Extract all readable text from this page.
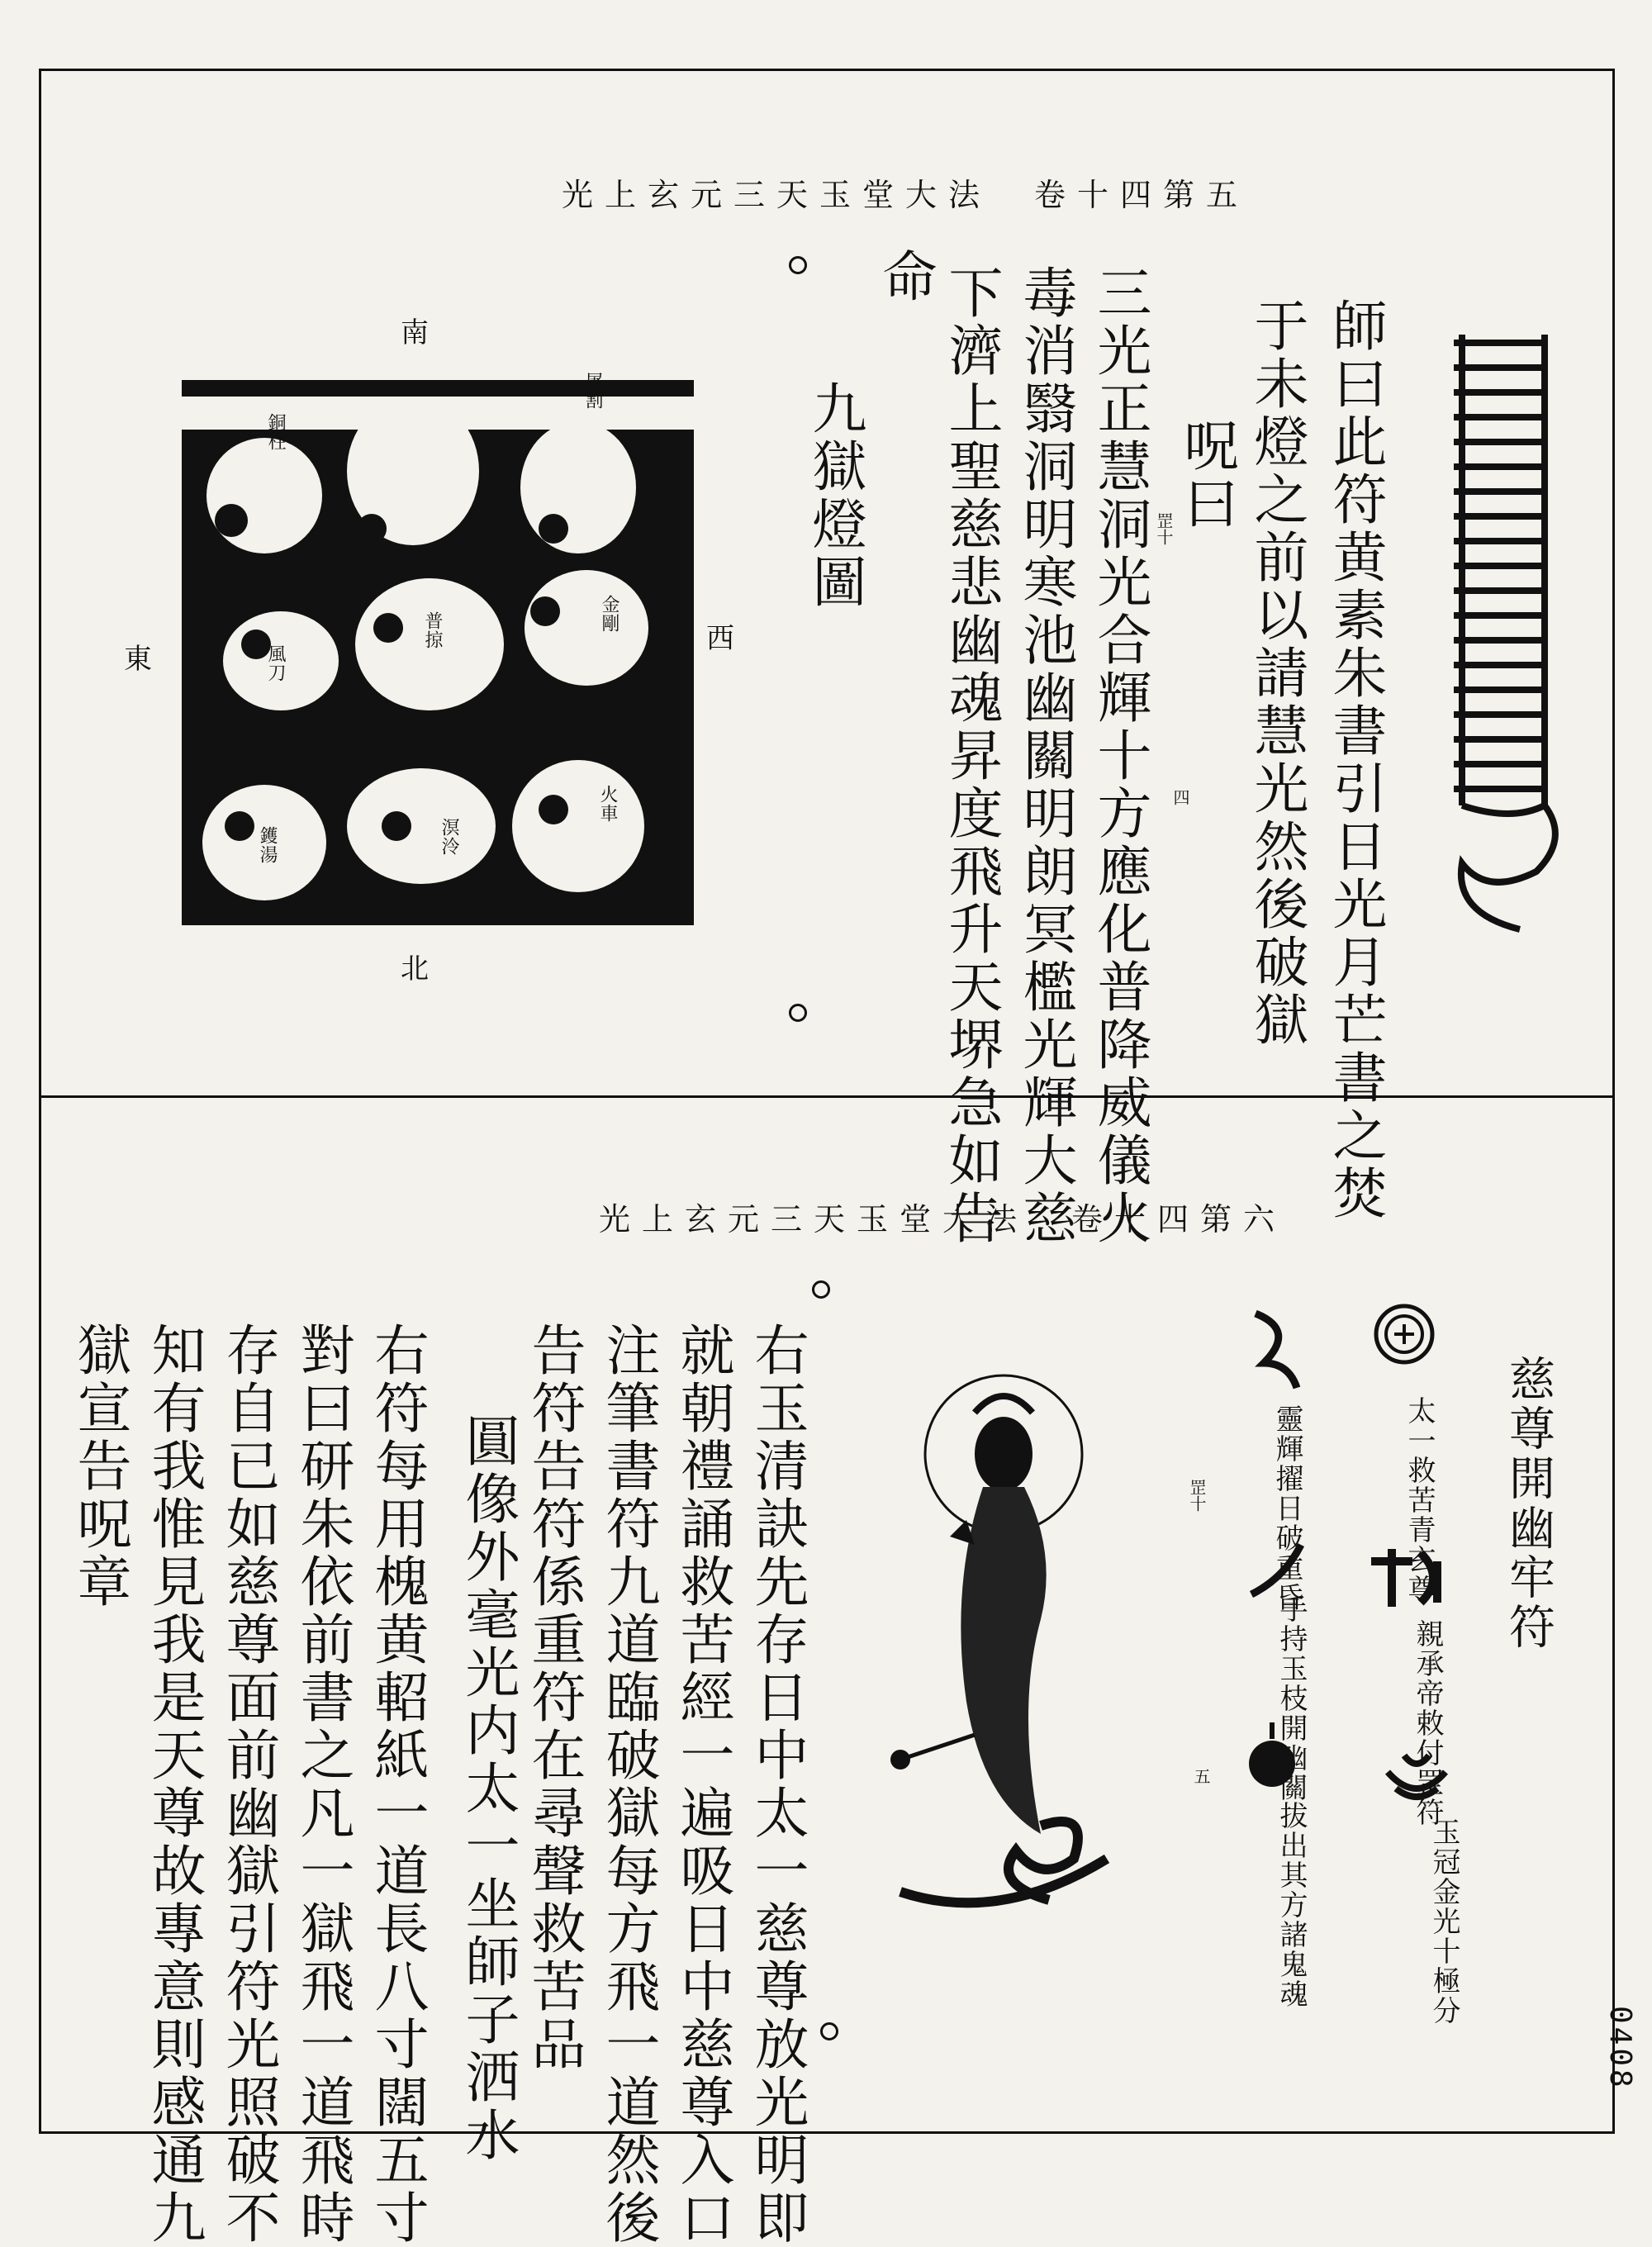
光上玄元三天玉堂大法　卷十四第五
師曰此符黄素朱書引日光月芒書之焚
于未燈之前以請慧光然後破獄
呪曰
三光正慧洞光合輝十方應化普降威儀火
毒消翳洞明寒池幽關明朗冥檻光輝大慈
下濟上聖慈悲幽魂昇度飛升天堺急如告
命
九獄燈圖	罡十
四
南
北
東
西
普掠
火車
溟泠
鑊湯
風刀
銅柱
金剛
屠割
光上玄元三天玉堂大法　卷十四第六
慈尊開幽牢符
太一救苦青玄尊
親承帝敕付罡符
玉冠金光十極分
靈輝擢日破重昏
手持玉枝開幽關
拔出其方諸鬼魂
罡十
五
右玉清訣先存日中太一慈尊放光明即
就朝禮誦救苦經一遍吸日中慈尊入口
注筆書符九道臨破獄每方飛一道然後
告符告符係重符在尋聲救苦品
圓像外毫光内太一坐師子洒水
右符每用槐黄軺紙一道長八寸闊五寸
對曰研朱依前書之凡一獄飛一道飛時
存自已如慈尊面前幽獄引符光照破不
知有我惟見我是天尊故專意則感通九
獄宣告呪章
0408
